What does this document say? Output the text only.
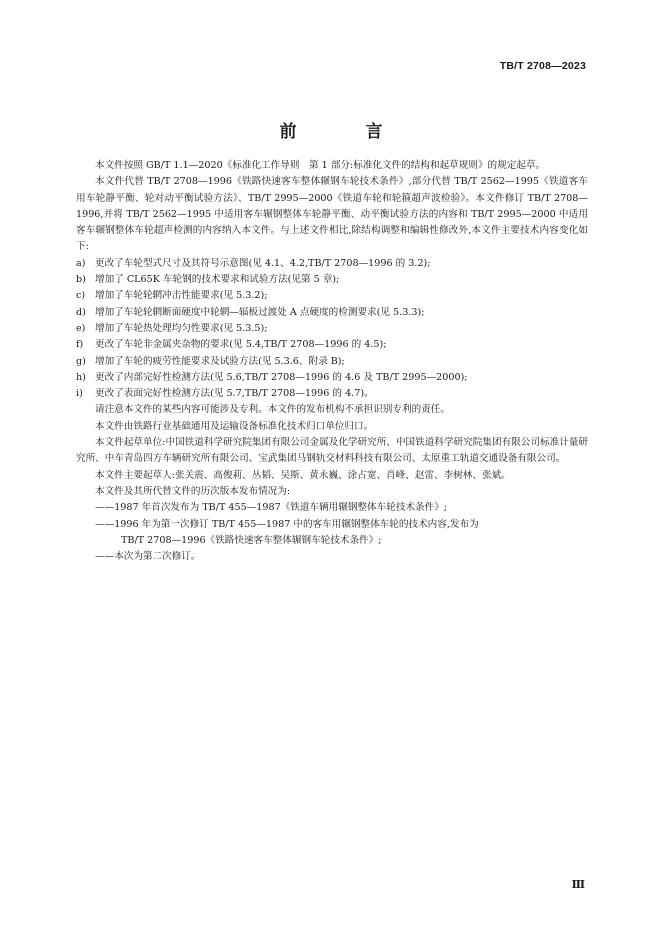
TB/T 2708—2023
前　言

本文件按照 GB/T 1.1—2020《标准化工作导则　第 1 部分:标准化文件的结构和起草规则》的规定起草。

本文件代替 TB/T 2708—1996《铁路快速客车整体辗钢车轮技术条件》,部分代替 TB/T 2562—1995《铁道客车用车轮静平衡、轮对动平衡试验方法》、TB/T 2995—2000《铁道车轮和轮箍超声波检验》。本文件修订 TB/T 2708—1996,并将 TB/T 2562—1995 中适用客车辗钢整体车轮静平衡、动平衡试验方法的内容和 TB/T 2995—2000 中适用客车辗钢整体车轮超声检测的内容纳入本文件。与上述文件相比,除结构调整和编辑性修改外,本文件主要技术内容变化如下:

a) 更改了车轮型式尺寸及其符号示意图(见 4.1、4.2,TB/T 2708—1996 的 3.2);
b) 增加了 CL65K 车轮钢的技术要求和试验方法(见第 5 章);
c)	增加了车轮轮辋冲击性能要求(见 5.3.2);
d) 增加了车轮轮辋断面硬度中轮辋—辐板过渡处 A 点硬度的检测要求(见 5.3.3);
e) 增加了车轮热处理均匀性要求(见 5.3.5);
f)	更改了车轮非金属夹杂物的要求(见 5.4,TB/T 2708—1996 的 4.5);
g) 增加了车轮的疲劳性能要求及试验方法(见 5.3.6、附录 B);
h) 更改了内部完好性检测方法(见 5.6,TB/T 2708—1996 的 4.6 及 TB/T 2995—2000);
i)	更改了表面完好性检测方法(见 5.7,TB/T 2708—1996 的 4.7)。

请注意本文件的某些内容可能涉及专利。本文件的发布机构不承担识别专利的责任。

本文件由铁路行业基础通用及运输设备标准化技术归口单位归口。

本文件起草单位:中国铁道科学研究院集团有限公司金属及化学研究所、中国铁道科学研究院集团有限公司标准计量研究所、中车青岛四方车辆研究所有限公司、宝武集团马钢轨交材料科技有限公司、太原重工轨道交通设备有限公司。

本文件主要起草人:张关震、高俊莉、丛韬、吴斯、黄永巍、涂占宽、肖峰、赵雷、李树林、张斌。

本文件及其所代替文件的历次版本发布情况为:

——1987 年首次发布为 TB/T 455—1987《铁道车辆用辗钢整体车轮技术条件》;

——1996 年为第一次修订 TB/T 455—1987 中的客车用辗钢整体车轮的技术内容,发布为
TB/T 2708—1996《铁路快速客车整体辗钢车轮技术条件》;

——本次为第二次修订。

Ⅲ
